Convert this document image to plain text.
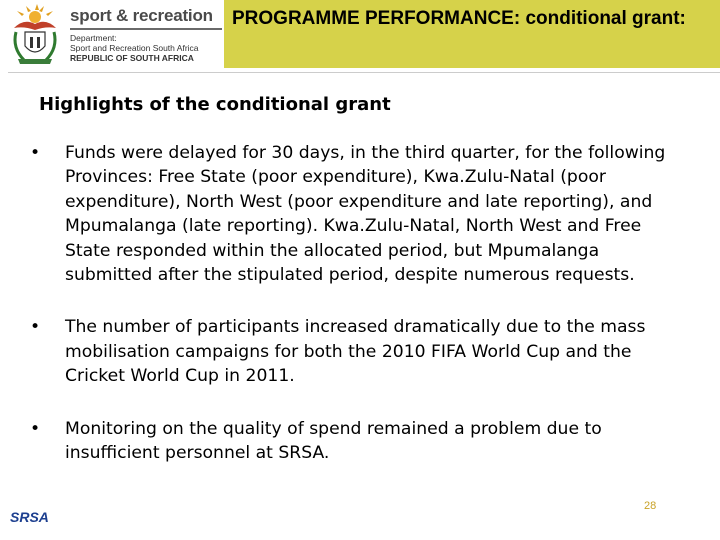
sport & recreation
Department:
Sport and Recreation South Africa
REPUBLIC OF SOUTH AFRICA
PROGRAMME PERFORMANCE: conditional grant:
Highlights of the conditional grant
•	Funds were delayed for 30 days, in the third quarter, for the following Provinces: Free State (poor expenditure), Kwa.Zulu-Natal (poor expenditure), North West (poor expenditure and late reporting), and Mpumalanga (late reporting). Kwa.Zulu-Natal, North West and Free State responded within the allocated period, but Mpumalanga submitted after the stipulated period, despite numerous requests.
•	The number of participants increased dramatically due to the mass mobilisation campaigns for both the 2010 FIFA World Cup and the Cricket World Cup in 2011.
•	Monitoring on the quality of spend remained a problem due to insufficient personnel at SRSA.
SRSA
28
